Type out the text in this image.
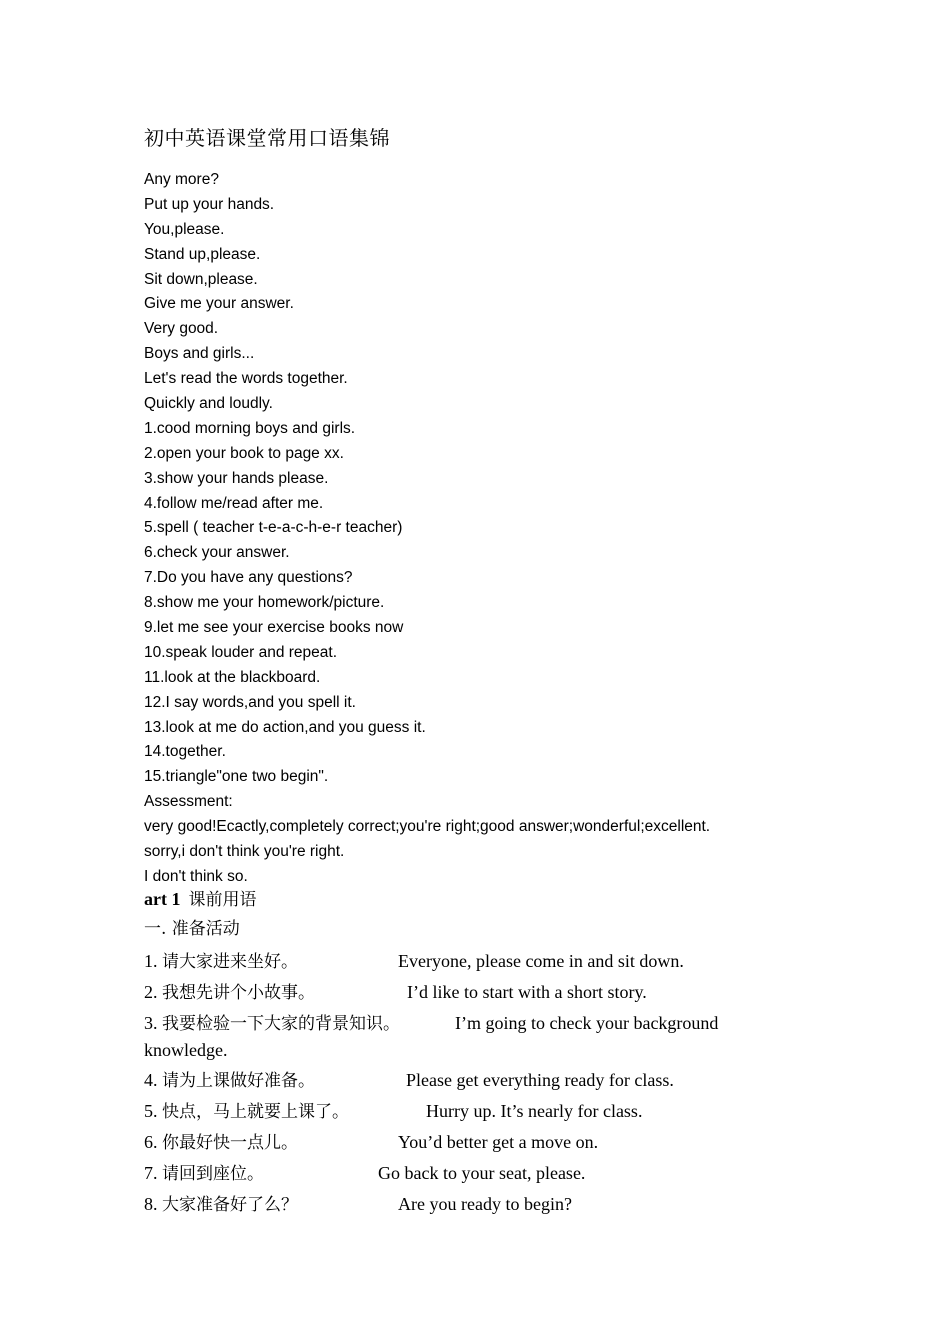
初中英语课堂常用口语集锦
Any more?
Put up your hands.
You,please.
Stand up,please.
Sit down,please.
Give me your answer.
Very good.
Boys and girls...
Let's read the words together.
Quickly and loudly.
1.cood morning boys and girls.
2.open your book to page xx.
3.show your hands please.
4.follow me/read after me.
5.spell ( teacher t-e-a-c-h-e-r teacher)
6.check your answer.
7.Do you have any questions?
8.show me your homework/picture.
9.let me see your exercise books now
10.speak louder and repeat.
11.look at the blackboard.
12.I say words,and you spell it.
13.look at me do action,and you guess it.
14.together.
15.triangle"one two begin".
Assessment:
very good!Ecactly,completely correct;you're right;good answer;wonderful;excellent.
sorry,i don't think you're right.
I don't think so.
art 1 课前用语
一. 准备活动
1. 请大家进来坐好。	Everyone, please come in and sit down.
2. 我想先讲个小故事。	I’d like to start with a short story.
3. 我要检验一下大家的背景知识。	I’m going to check your background
knowledge.
4. 请为上课做好准备。	Please get everything ready for class.
5. 快点，马上就要上课了。	Hurry up. It’s nearly for class.
6. 你最好快一点儿。	You’d better get a move on.
7. 请回到座位。	Go back to your seat, please.
8. 大家准备好了么？	Are you ready to begin?
